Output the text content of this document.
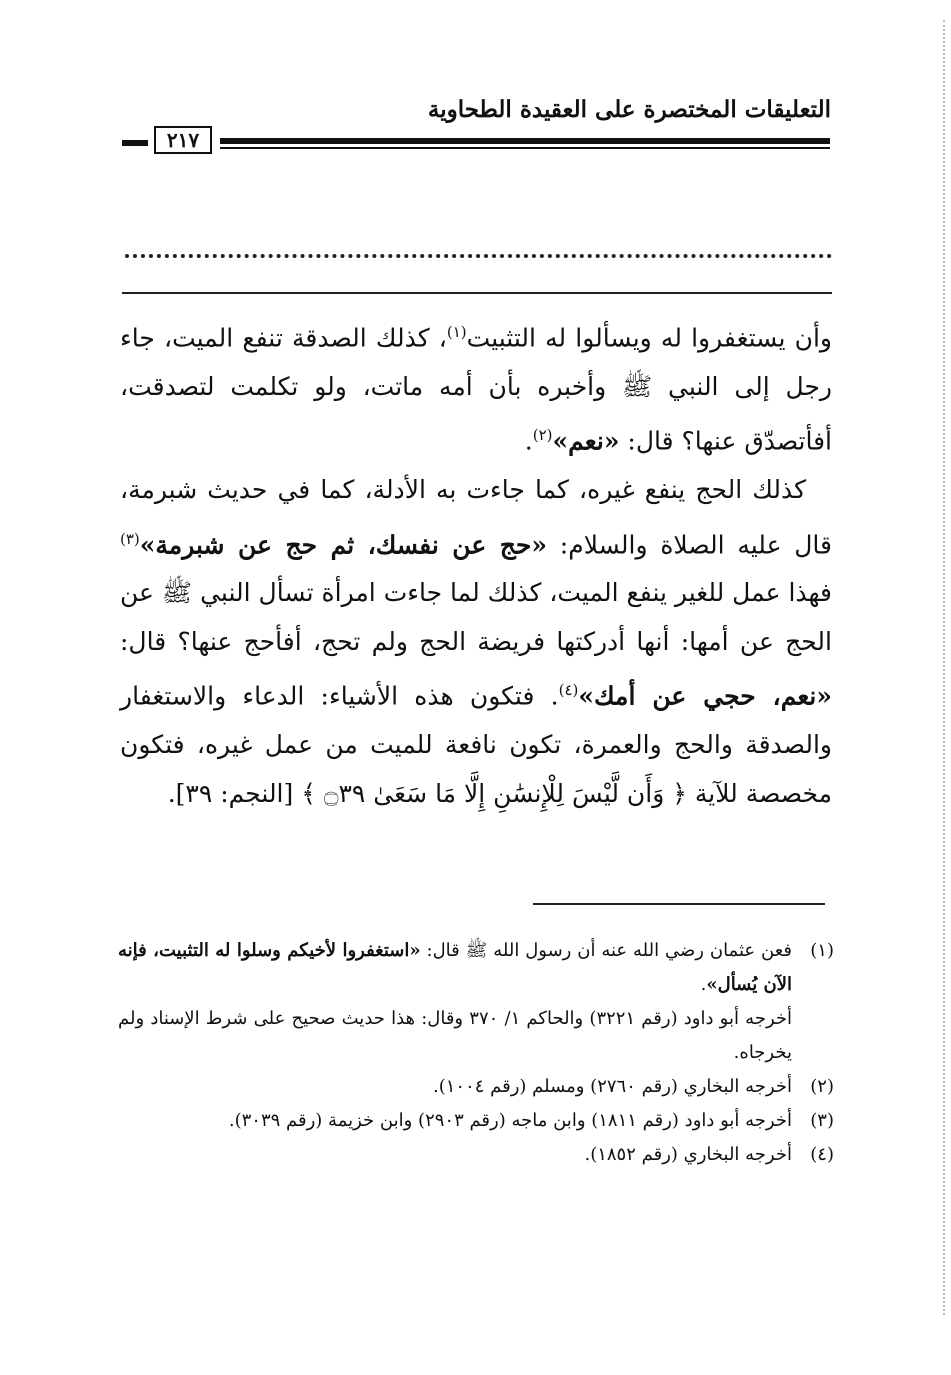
التعليقات المختصرة على العقيدة الطحاوية
٢١٧

وأن يستغفروا له ويسألوا له التثبيت$^{(١)}$، كذلك الصدقة تنفع الميت، جاء رجل إلى النبي ﷺ وأخبره بأن أمه ماتت، ولو تكلمت لتصدقت، أفأتصدّق عنها؟ قال: «نعم»$^{(٢)}$.

كذلك الحج ينفع غيره، كما جاءت به الأدلة، كما في حديث شبرمة، قال عليه الصلاة والسلام: «حج عن نفسك، ثم حج عن شبرمة»$^{(٣)}$ فهذا عمل للغير ينفع الميت، كذلك لما جاءت امرأة تسأل النبي ﷺ عن الحج عن أمها: أنها أدركتها فريضة الحج ولم تحج، أفأحج عنها؟ قال: «نعم، حجي عن أمك»$^{(٤)}$. فتكون هذه الأشياء: الدعاء والاستغفار والصدقة والحج والعمرة، تكون نافعة للميت من عمل غيره، فتكون مخصصة للآية ﴿ وَأَن لَّيْسَ لِلْإِنسَٰنِ إِلَّا مَا سَعَىٰ ۝٣٩ ﴾ [النجم: ٣٩].

(١)
فعن عثمان رضي الله عنه أن رسول الله ﷺ قال: «استغفروا لأخيكم وسلوا له التثبيت، فإنه الآن يُسأل».
أخرجه أبو داود (رقم ٣٢٢١) والحاكم ١/ ٣٧٠ وقال: هذا حديث صحيح على شرط الإسناد ولم يخرجاه.
(٢)
أخرجه البخاري (رقم ٢٧٦٠) ومسلم (رقم ١٠٠٤).
(٣)
أخرجه أبو داود (رقم ١٨١١) وابن ماجه (رقم ٢٩٠٣) وابن خزيمة (رقم ٣٠٣٩).
(٤)
أخرجه البخاري (رقم ١٨٥٢).
